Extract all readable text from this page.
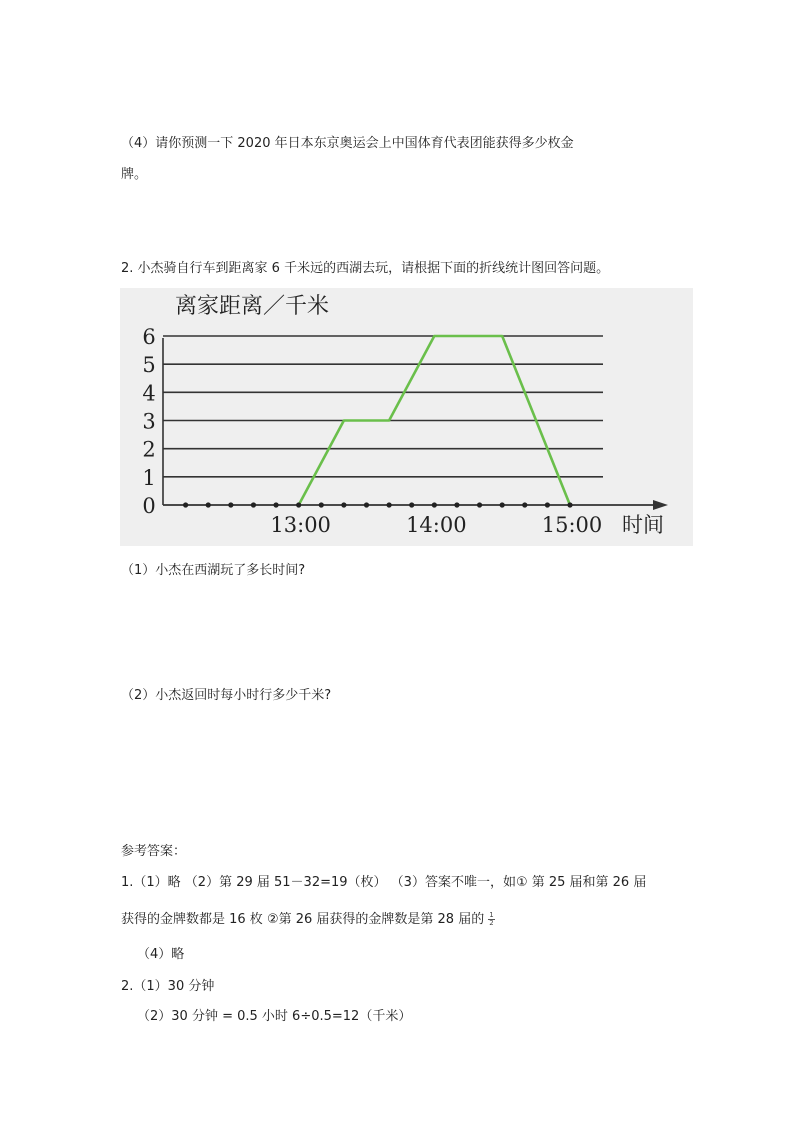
（4）请你预测一下 2020 年日本东京奥运会上中国体育代表团能获得多少枚金
牌。
2. 小杰骑自行车到距离家 6 千米远的西湖去玩，请根据下面的折线统计图回答问题。
离家距离／千米
0
1
2
3
4
5
6
13:00	14:00	15:00 时间
（1）小杰在西湖玩了多长时间?
（2）小杰返回时每小时行多少千米?
参考答案：
1.（1）略 （2）第 29 届 51－32=19（枚） （3）答案不唯一，如① 第 25 届和第 26 届
获得的金牌数都是 16 枚 ②第 26 届获得的金牌数是第 28 届的 $\frac{1}{2}$
（4）略
2.（1）30 分钟
（2）30 分钟 = 0.5 小时 6÷0.5=12（千米）
